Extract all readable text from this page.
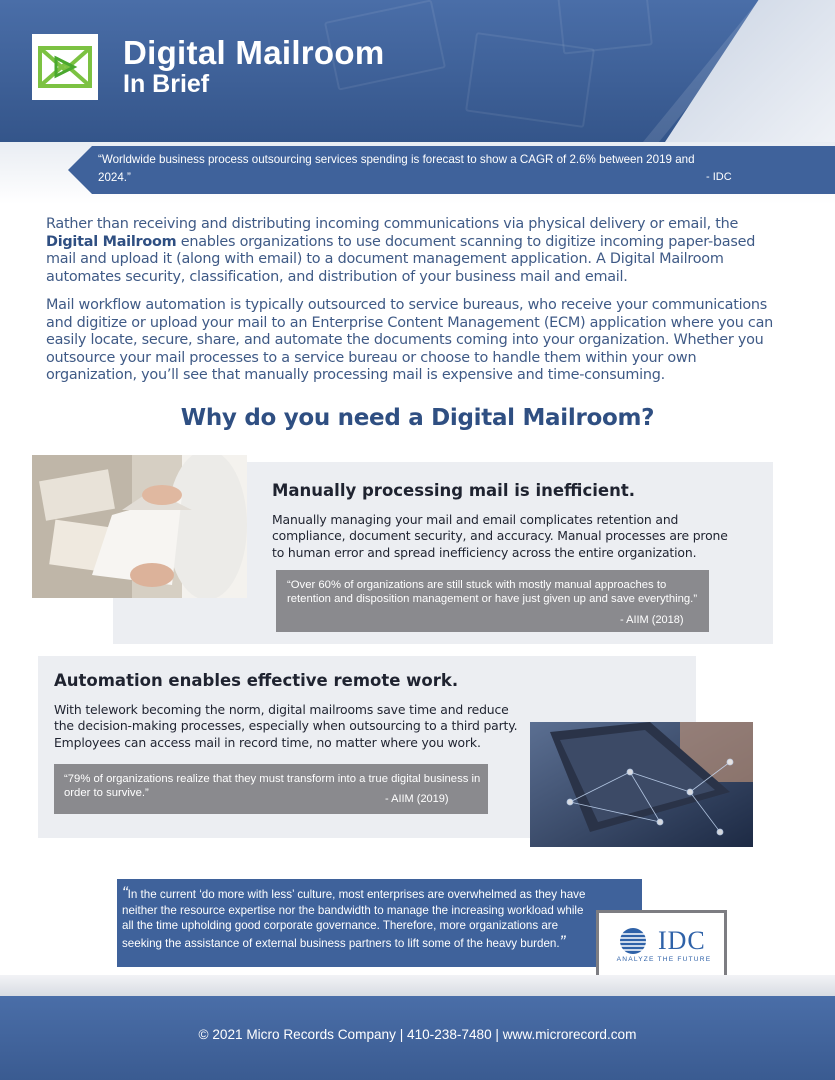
Digital Mailroom
In Brief
“Worldwide business process outsourcing services spending is forecast to show a CAGR of 2.6% between 2019 and 2024.”	- IDC
Rather than receiving and distributing incoming communications via physical delivery or email, the Digital Mailroom enables organizations to use document scanning to digitize incoming paper-based mail and upload it (along with email) to a document management application. A Digital Mailroom automates security, classification, and distribution of your business mail and email.
Mail workflow automation is typically outsourced to service bureaus, who receive your communications and digitize or upload your mail to an Enterprise Content Management (ECM) application where you can easily locate, secure, share, and automate the documents coming into your organization. Whether you outsource your mail processes to a service bureau or choose to handle them within your own organization, you’ll see that manually processing mail is expensive and time-consuming.
Why do you need a Digital Mailroom?
Manually processing mail is inefficient.
Manually managing your mail and email complicates retention and compliance, document security, and accuracy. Manual processes are prone to human error and spread inefficiency across the entire organization.
“Over 60% of organizations are still stuck with mostly manual approaches to retention and disposition management or have just given up and save everything.”
- AIIM (2018)
Automation enables effective remote work.
With telework becoming the norm, digital mailrooms save time and reduce the decision-making processes, especially when outsourcing to a third party. Employees can access mail in record time, no matter where you work.
“79% of organizations realize that they must transform into a true digital business in order to survive.”	- AIIM (2019)
“In the current ‘do more with less’ culture, most enterprises are overwhelmed as they have neither the resource expertise nor the bandwidth to manage the increasing workload while all the time upholding good corporate governance. Therefore, more organizations are seeking the assistance of external business partners to lift some of the heavy burden.”	IDC
ANALYZE THE FUTURE
© 2021 Micro Records Company | 410-238-7480 | www.microrecord.com
